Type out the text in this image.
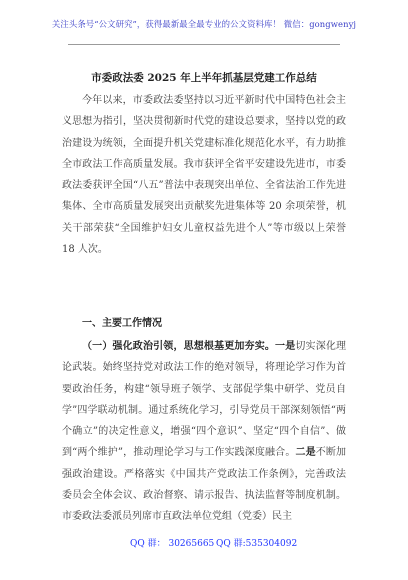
关注头条号“公文研究”，获得最新最全最专业的公文资料库！ 微信：gongwenyj
市委政法委 2025 年上半年抓基层党建工作总结

今年以来，市委政法委坚持以习近平新时代中国特色社会主义思想为指引，坚决贯彻新时代党的建设总要求，坚持以党的政治建设为统领，全面提升机关党建标准化规范化水平，有力助推全市政法工作高质量发展。我市获评全省平安建设先进市，市委政法委获评全国“八五”普法中表现突出单位、全省法治工作先进集体、全市高质量发展突出贡献奖先进集体等 20 余项荣誉，机关干部荣获“全国维护妇女儿童权益先进个人”等市级以上荣誉 18 人次。

一、主要工作情况

（一）强化政治引领，思想根基更加夯实。一是切实深化理论武装。始终坚持党对政法工作的绝对领导，将理论学习作为首要政治任务，构建“领导班子领学、支部促学集中研学、党员自学”四学联动机制。通过系统化学习，引导党员干部深刻领悟“两个确立”的决定性意义，增强“四个意识”、坚定“四个自信”、做到“两个维护”，推动理论学习与工作实践深度融合。二是不断加强政治建设。严格落实《中国共产党政法工作条例》，完善政法委员会全体会议、政治督察、请示报告、执法监督等制度机制。市委政法委派员列席市直政法单位党组（党委）民主

QQ 群： 30265665 QQ 群:535304092
